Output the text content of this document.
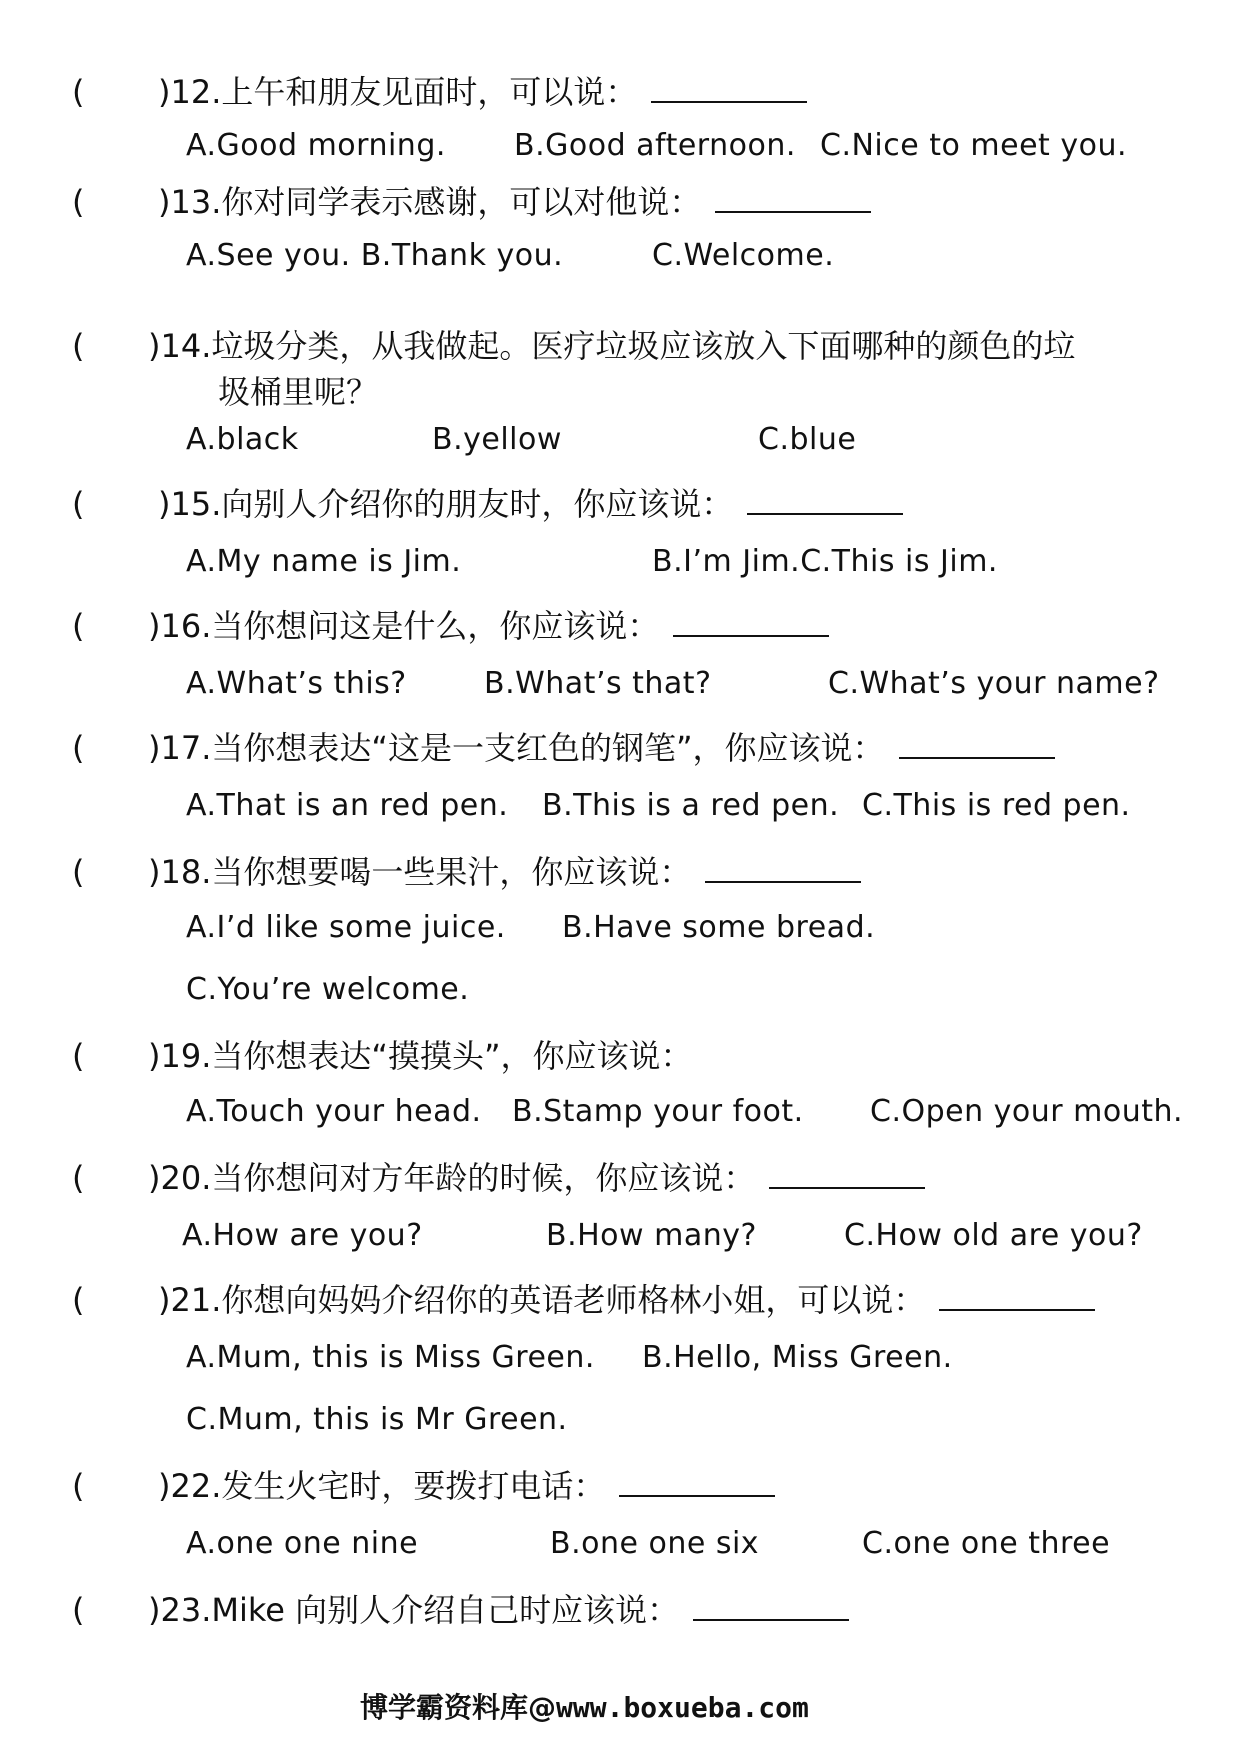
( )12.上午和朋友见面时，可以说：
A.Good morning. B.Good afternoon. C.Nice to meet you.
( )13.你对同学表示感谢，可以对他说：
A.See you. B.Thank you.	C.Welcome.
( )14.垃圾分类，从我做起。医疗垃圾应该放入下面哪种的颜色的垃
圾桶里呢？
A.black	B.yellow	C.blue
( )15.向别人介绍你的朋友时，你应该说：
A.My name is Jim.	B.I’m Jim.C.This is Jim.
( )16.当你想问这是什么，你应该说：
A.What’s this?	B.What’s that?	C.What’s your name?
( )17.当你想表达“这是一支红色的钢笔”，你应该说：
A.That is an red pen. B.This is a red pen. C.This is red pen.
( )18.当你想要喝一些果汁，你应该说：
A.I’d like some juice. B.Have some bread.
C.You’re welcome.
( )19.当你想表达“摸摸头”，你应该说：
A.Touch your head. B.Stamp your foot. C.Open your mouth.
( )20.当你想问对方年龄的时候，你应该说：
A.How are you?	B.How many?	C.How old are you?
( )21.你想向妈妈介绍你的英语老师格林小姐，可以说：
A.Mum, this is Miss Green. B.Hello, Miss Green.
C.Mum, this is Mr Green.
( )22.发生火宅时，要拨打电话：
A.one one nine	B.one one six	C.one one three
( )23.Mike 向别人介绍自己时应该说：
博学霸资料库@www.boxueba.com
